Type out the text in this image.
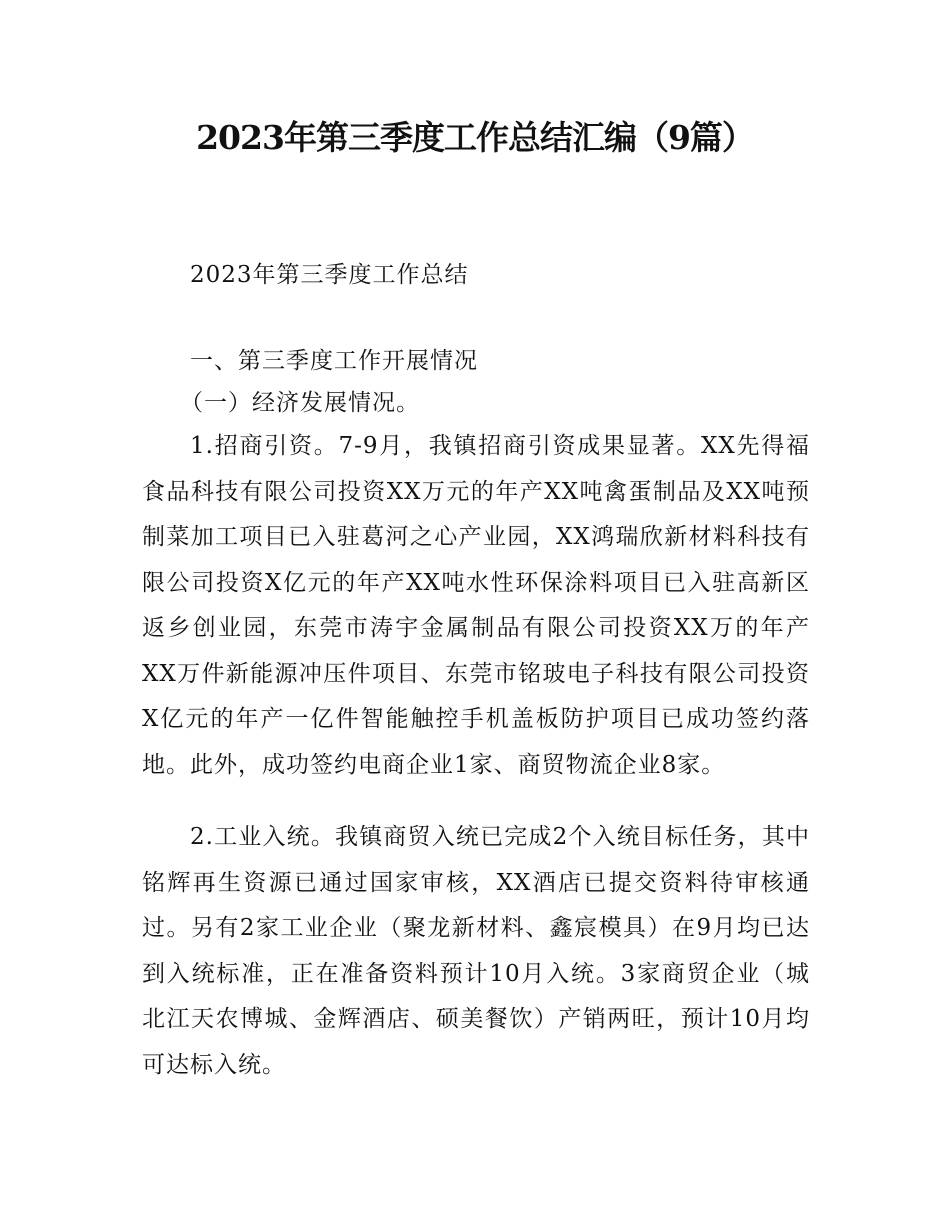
2023年第三季度工作总结汇编（9篇）
2023年第三季度工作总结
一、第三季度工作开展情况
（一）经济发展情况。
1.招商引资。7-9月，我镇招商引资成果显著。XX先得福食品科技有限公司投资XX万元的年产XX吨禽蛋制品及XX吨预制菜加工项目已入驻葛河之心产业园，XX鸿瑞欣新材料科技有限公司投资X亿元的年产XX吨水性环保涂料项目已入驻高新区返乡创业园，东莞市涛宇金属制品有限公司投资XX万的年产XX万件新能源冲压件项目、东莞市铭玻电子科技有限公司投资X亿元的年产一亿件智能触控手机盖板防护项目已成功签约落地。此外，成功签约电商企业1家、商贸物流企业8家。
2.工业入统。我镇商贸入统已完成2个入统目标任务，其中铭辉再生资源已通过国家审核，XX酒店已提交资料待审核通过。另有2家工业企业（聚龙新材料、鑫宸模具）在9月均已达到入统标准，正在准备资料预计10月入统。3家商贸企业（城北江天农博城、金辉酒店、硕美餐饮）产销两旺，预计10月均可达标入统。
